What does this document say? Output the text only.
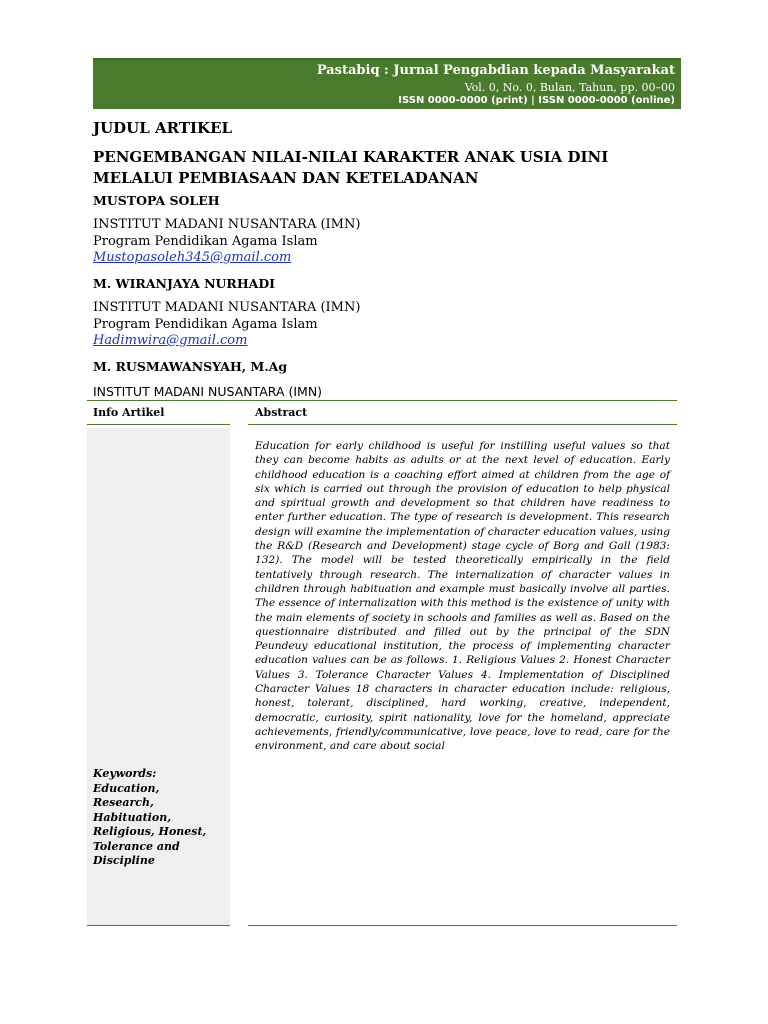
Pastabiq : Jurnal Pengabdian kepada Masyarakat
Vol. 0, No. 0, Bulan, Tahun, pp. 00–00
ISSN 0000-0000 (print) | ISSN 0000-0000 (online)
JUDUL ARTIKEL
PENGEMBANGAN NILAI-NILAI KARAKTER ANAK USIA DINI MELALUI PEMBIASAAN DAN KETELADANAN
MUSTOPA SOLEH
INSTITUT MADANI NUSANTARA (IMN)
Program Pendidikan Agama Islam
Mustopasoleh345@gmail.com
M. WIRANJAYA NURHADI
INSTITUT MADANI NUSANTARA (IMN)
Program Pendidikan Agama Islam
Hadimwira@gmail.com
M. RUSMAWANSYAH, M.Ag
INSTITUT MADANI NUSANTARA (IMN)
Info Artikel	Abstract
Education for early childhood is useful for instilling useful values so that they can become habits as adults or at the next level of education. Early childhood education is a coaching effort aimed at children from the age of six which is carried out through the provision of education to help physical and spiritual growth and development so that children have readiness to enter further education. The type of research is development. This research design will examine the implementation of character education values, using the R&D (Research and Development) stage cycle of Borg and Gall (1983: 132). The model will be tested theoretically empirically in the field tentatively through research. The internalization of character values in children through habituation and example must basically involve all parties. The essence of internalization with this method is the existence of unity with the main elements of society in schools and families as well as. Based on the questionnaire distributed and filled out by the principal of the SDN Peundeuy educational institution, the process of implementing character education values can be as follows. 1. Religious Values 2. Honest Character Values 3. Tolerance Character Values 4. Implementation of Disciplined Character Values 18 characters in character education include: religious, honest, tolerant, disciplined, hard working, creative, independent, democratic, curiosity, spirit nationality, love for the homeland, appreciate achievements, friendly/communicative, love peace, love to read, care for the environment, and care about social
Keywords:
Education, Research, Habituation, Religious, Honest, Tolerance and Discipline
